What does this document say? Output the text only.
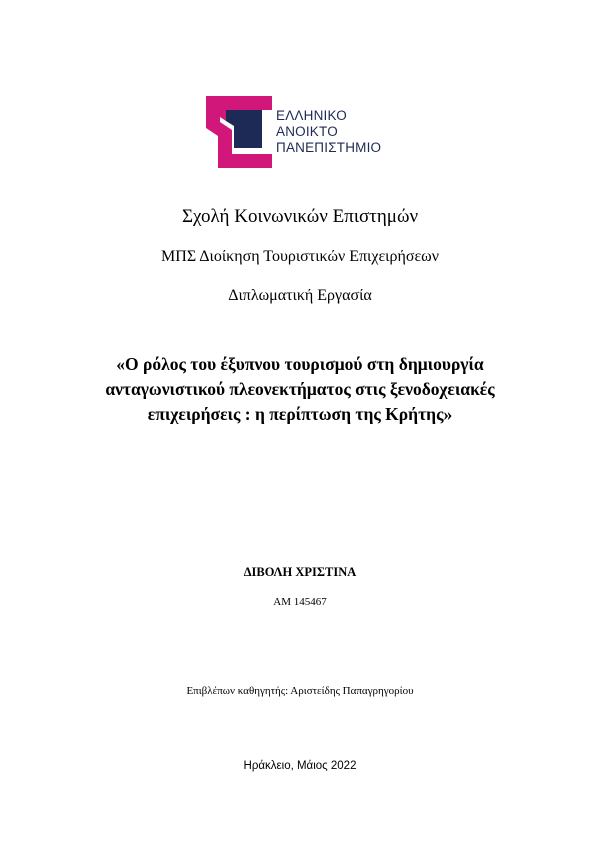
ΕΛΛΗΝΙΚΟ
ΑΝΟΙΚΤΟ
ΠΑΝΕΠΙΣΤΗΜΙΟ
Σχολή Κοινωνικών Επιστημών
ΜΠΣ Διοίκηση Τουριστικών Επιχειρήσεων
Διπλωματική Εργασία
«Ο ρόλος του έξυπνου τουρισμού στη δημιουργία
ανταγωνιστικού πλεονεκτήματος στις ξενοδοχειακές
επιχειρήσεις : η περίπτωση της Κρήτης»
ΔΙΒΟΛΗ ΧΡΙΣΤΙΝΑ
ΑΜ 145467
Επιβλέπων καθηγητής: Αριστείδης Παπαγρηγορίου
Ηράκλειο, Μάιος 2022
